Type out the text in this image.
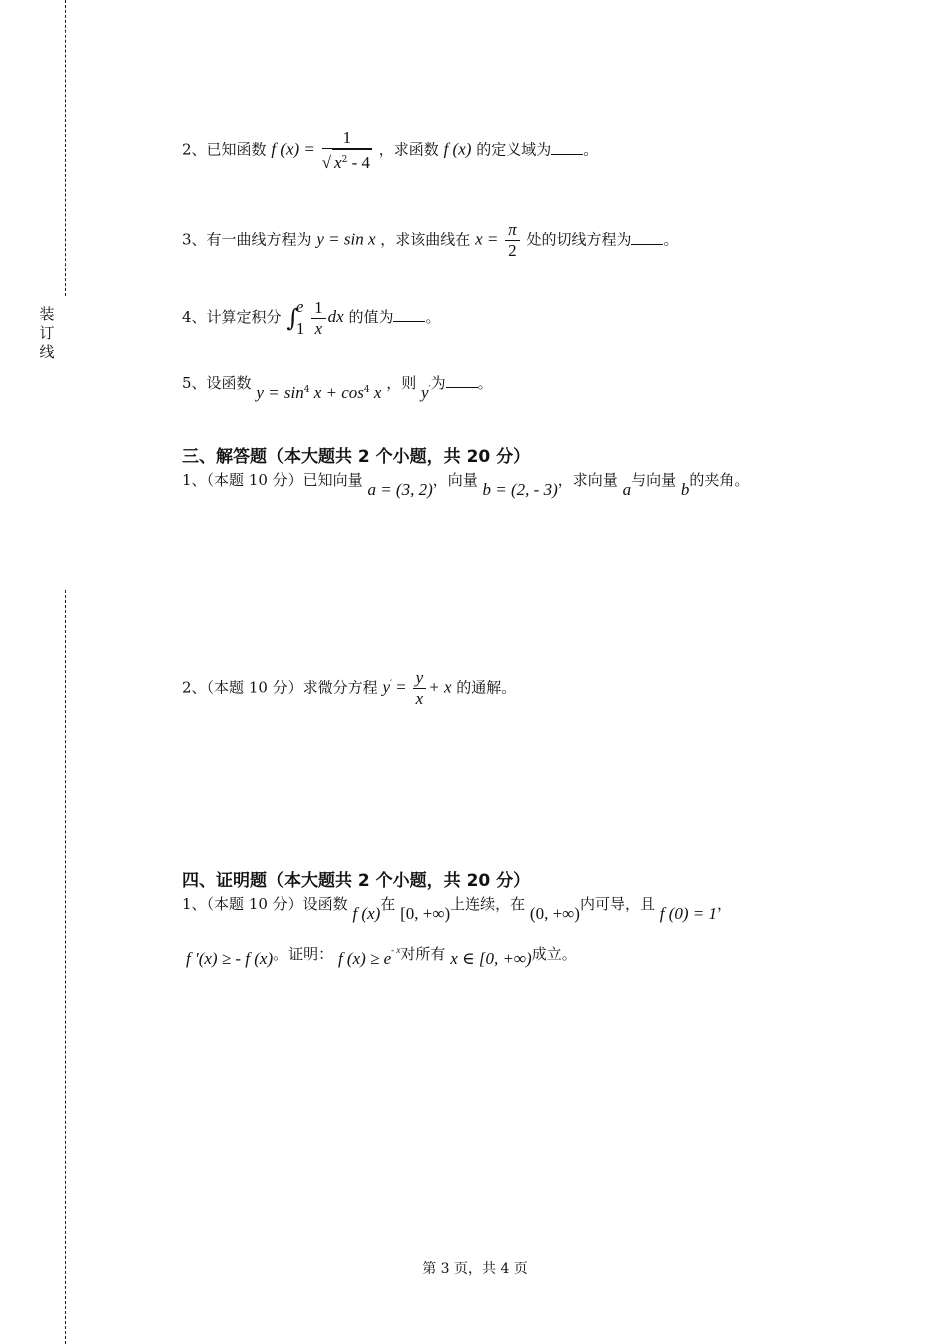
装
订
线
2、已知函数 f $(x) = \frac{1}{√ x^2 - 4}$ ，求函数 f (x) 的定义域为 。
3、有一曲线方程为 y = sin x ，求该曲线在 $x = \frac{\pi}{2}$ 处的切线方程为 。
4、计算定积分 ∫
e
1
$\frac{1}{x}$ dx 的值为 。
5、设函数 $y = \sin^4 x + \cos^4 x$ ，则 y′为 。
三、解答题（本大题共 2 个小题，共 20 分）
1、（本题 10 分）已知向量 a = (3, 2)，向量 b = (2, - 3)，求向量 a与向量 b的夹角。
2、（本题 10 分）求微分方程 $y' = \frac{y}{x} + x$ 的通解。
四、证明题（本大题共 2 个小题，共 20 分）
1、（本题 10 分）设函数 f (x)在 [0, +∞)上连续，在 (0, +∞)内可导，且 f (0) = 1，
f ′(x) ≥ - f (x)。证明： f $(x) \ge e^{- x}$对所有 x ∈ [0, +∞)成立。
第 3 页，共 4 页
